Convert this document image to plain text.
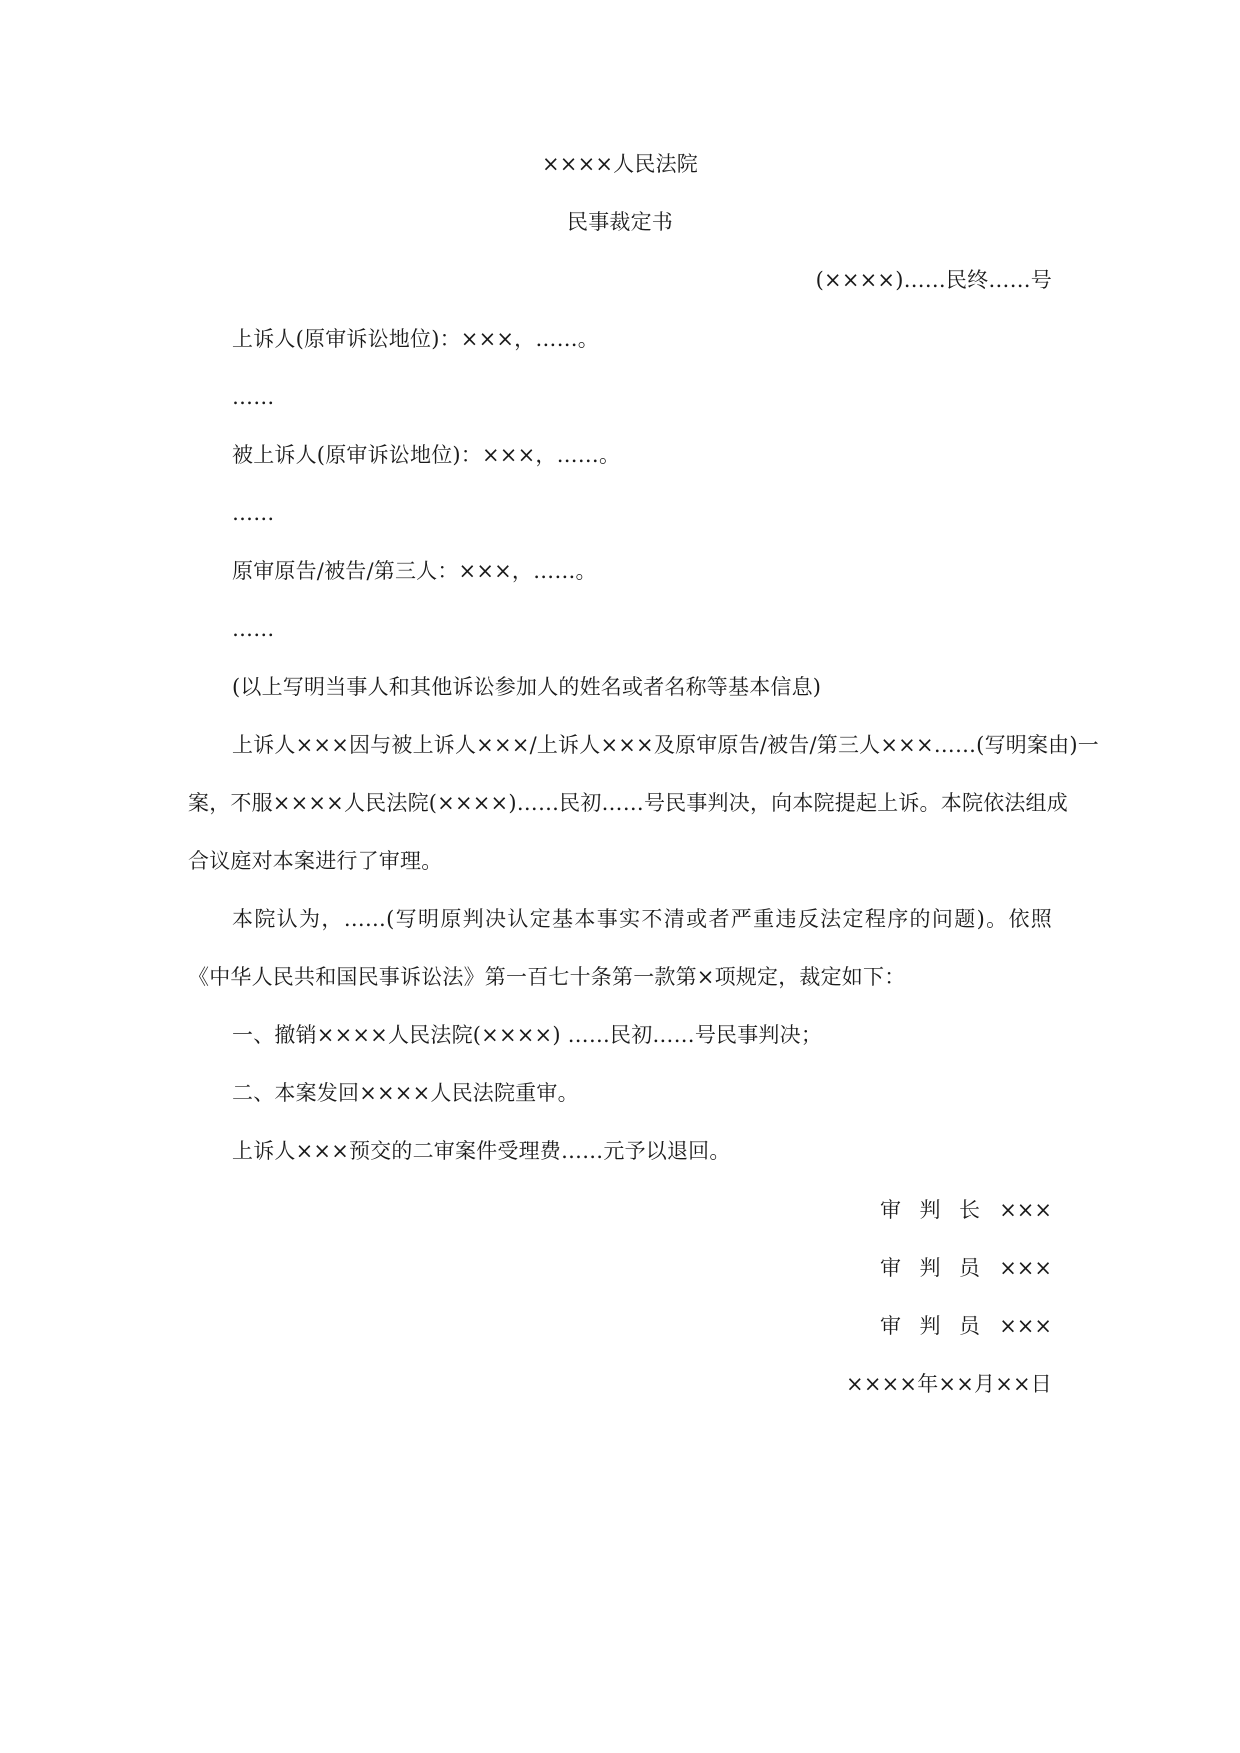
××××人民法院
民事裁定书
(××××)……民终……号
上诉人(原审诉讼地位)：×××，……。
……
被上诉人(原审诉讼地位)：×××，……。
……
原审原告/被告/第三人：×××，……。
……
(以上写明当事人和其他诉讼参加人的姓名或者名称等基本信息)
上诉人×××因与被上诉人×××/上诉人×××及原审原告/被告/第三人×××……(写明案由)一
案，不服××××人民法院(××××)……民初……号民事判决，向本院提起上诉。本院依法组成
合议庭对本案进行了审理。
本院认为，……(写明原判决认定基本事实不清或者严重违反法定程序的问题)。依照
《中华人民共和国民事诉讼法》第一百七十条第一款第×项规定，裁定如下：
一、撤销××××人民法院(××××) ……民初……号民事判决；
二、本案发回××××人民法院重审。
上诉人×××预交的二审案件受理费……元予以退回。
审 判 长 ×××
审 判 员 ×××
审 判 员 ×××
××××年××月××日
